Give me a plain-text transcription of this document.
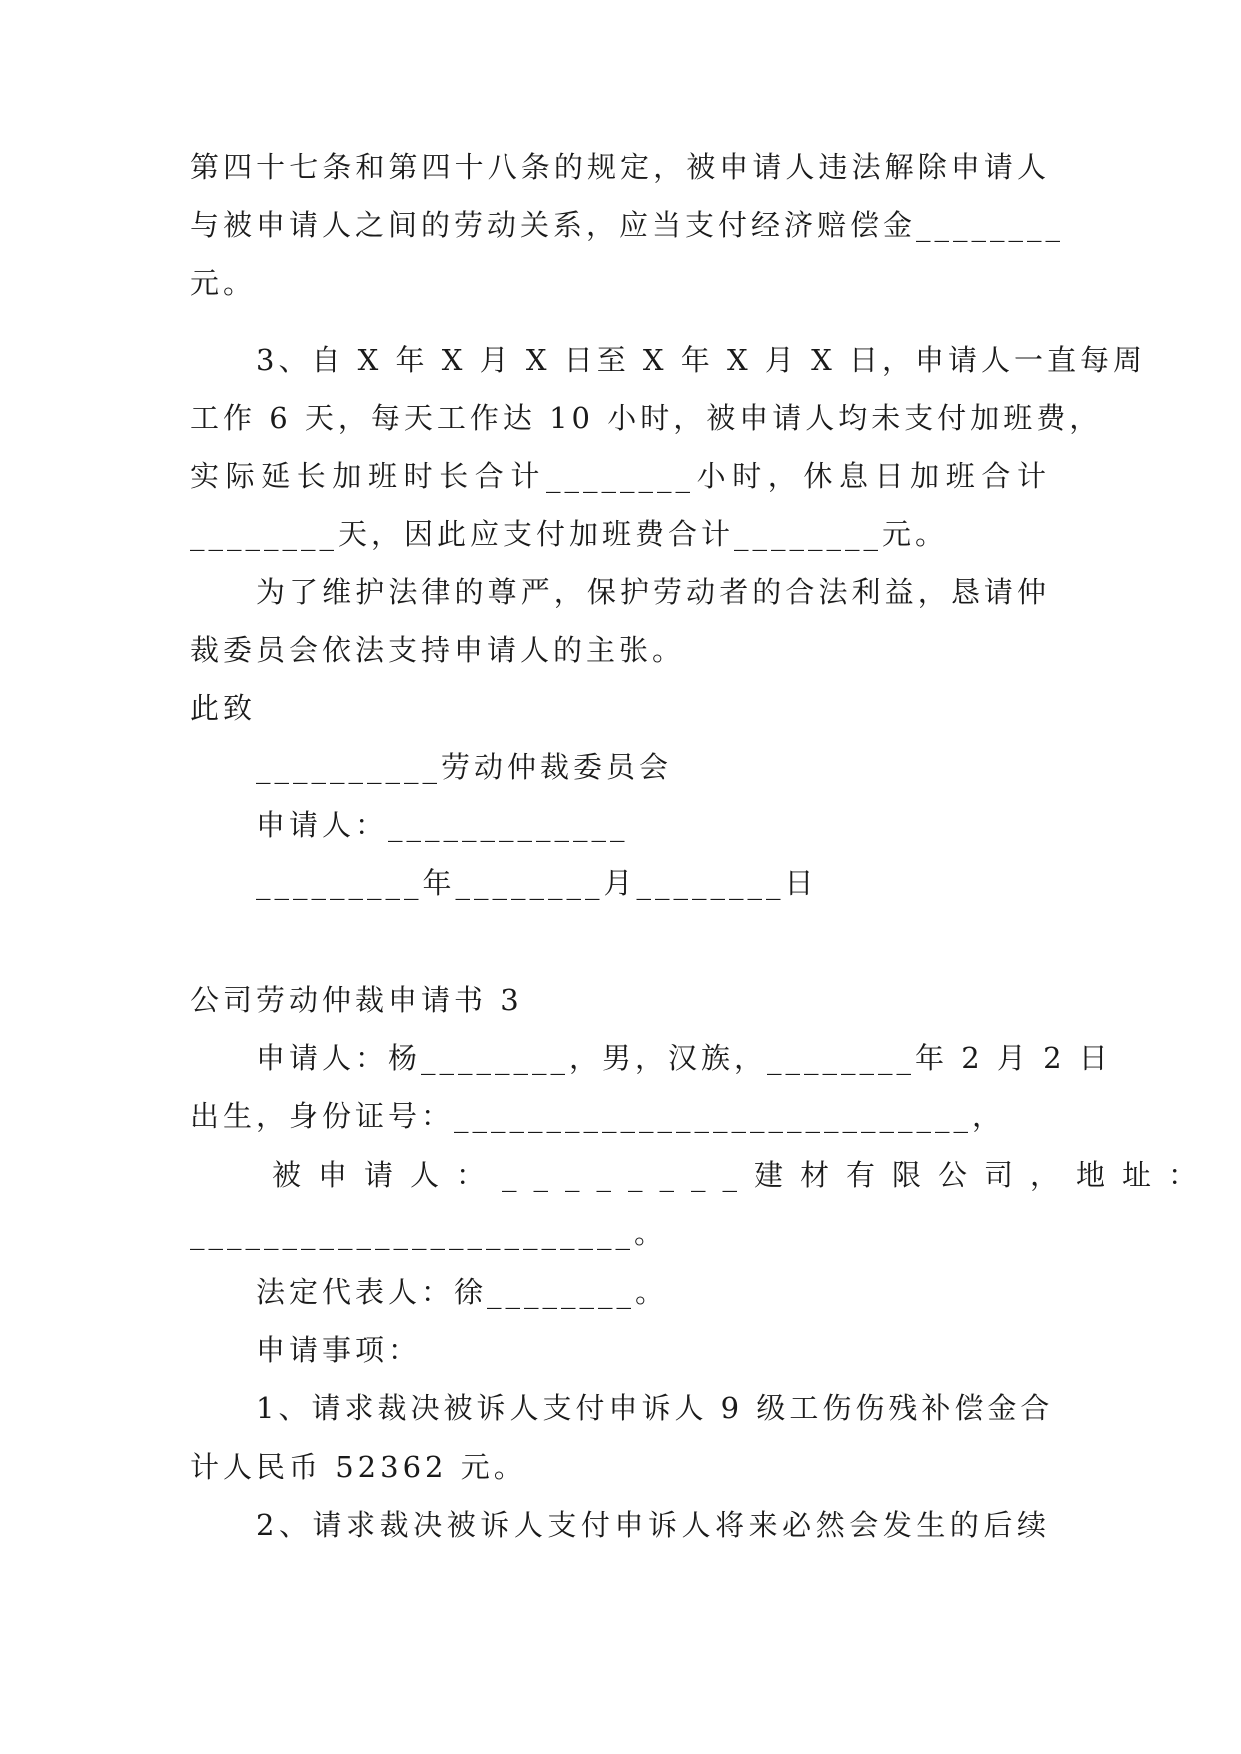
第四十七条和第四十八条的规定，被申请人违法解除申请人
与被申请人之间的劳动关系，应当支付经济赔偿金________
元。
3、自 X 年 X 月 X 日至 X 年 X 月 X 日，申请人一直每周
工作 6 天，每天工作达 10 小时，被申请人均未支付加班费，
实际延长加班时长合计________小时，休息日加班合计
________天，因此应支付加班费合计________元。
为了维护法律的尊严，保护劳动者的合法利益，恳请仲
裁委员会依法支持申请人的主张。
此致
__________劳动仲裁委员会
申请人：_____________
_________年________月________日
公司劳动仲裁申请书 3
申请人：杨________，男，汉族，________年 2 月 2 日
出生，身份证号：____________________________，
被申请人：________建材有限公司，地址：
________________________。
法定代表人：徐________。
申请事项：
1、请求裁决被诉人支付申诉人 9 级工伤伤残补偿金合
计人民币 52362 元。
2、请求裁决被诉人支付申诉人将来必然会发生的后续
